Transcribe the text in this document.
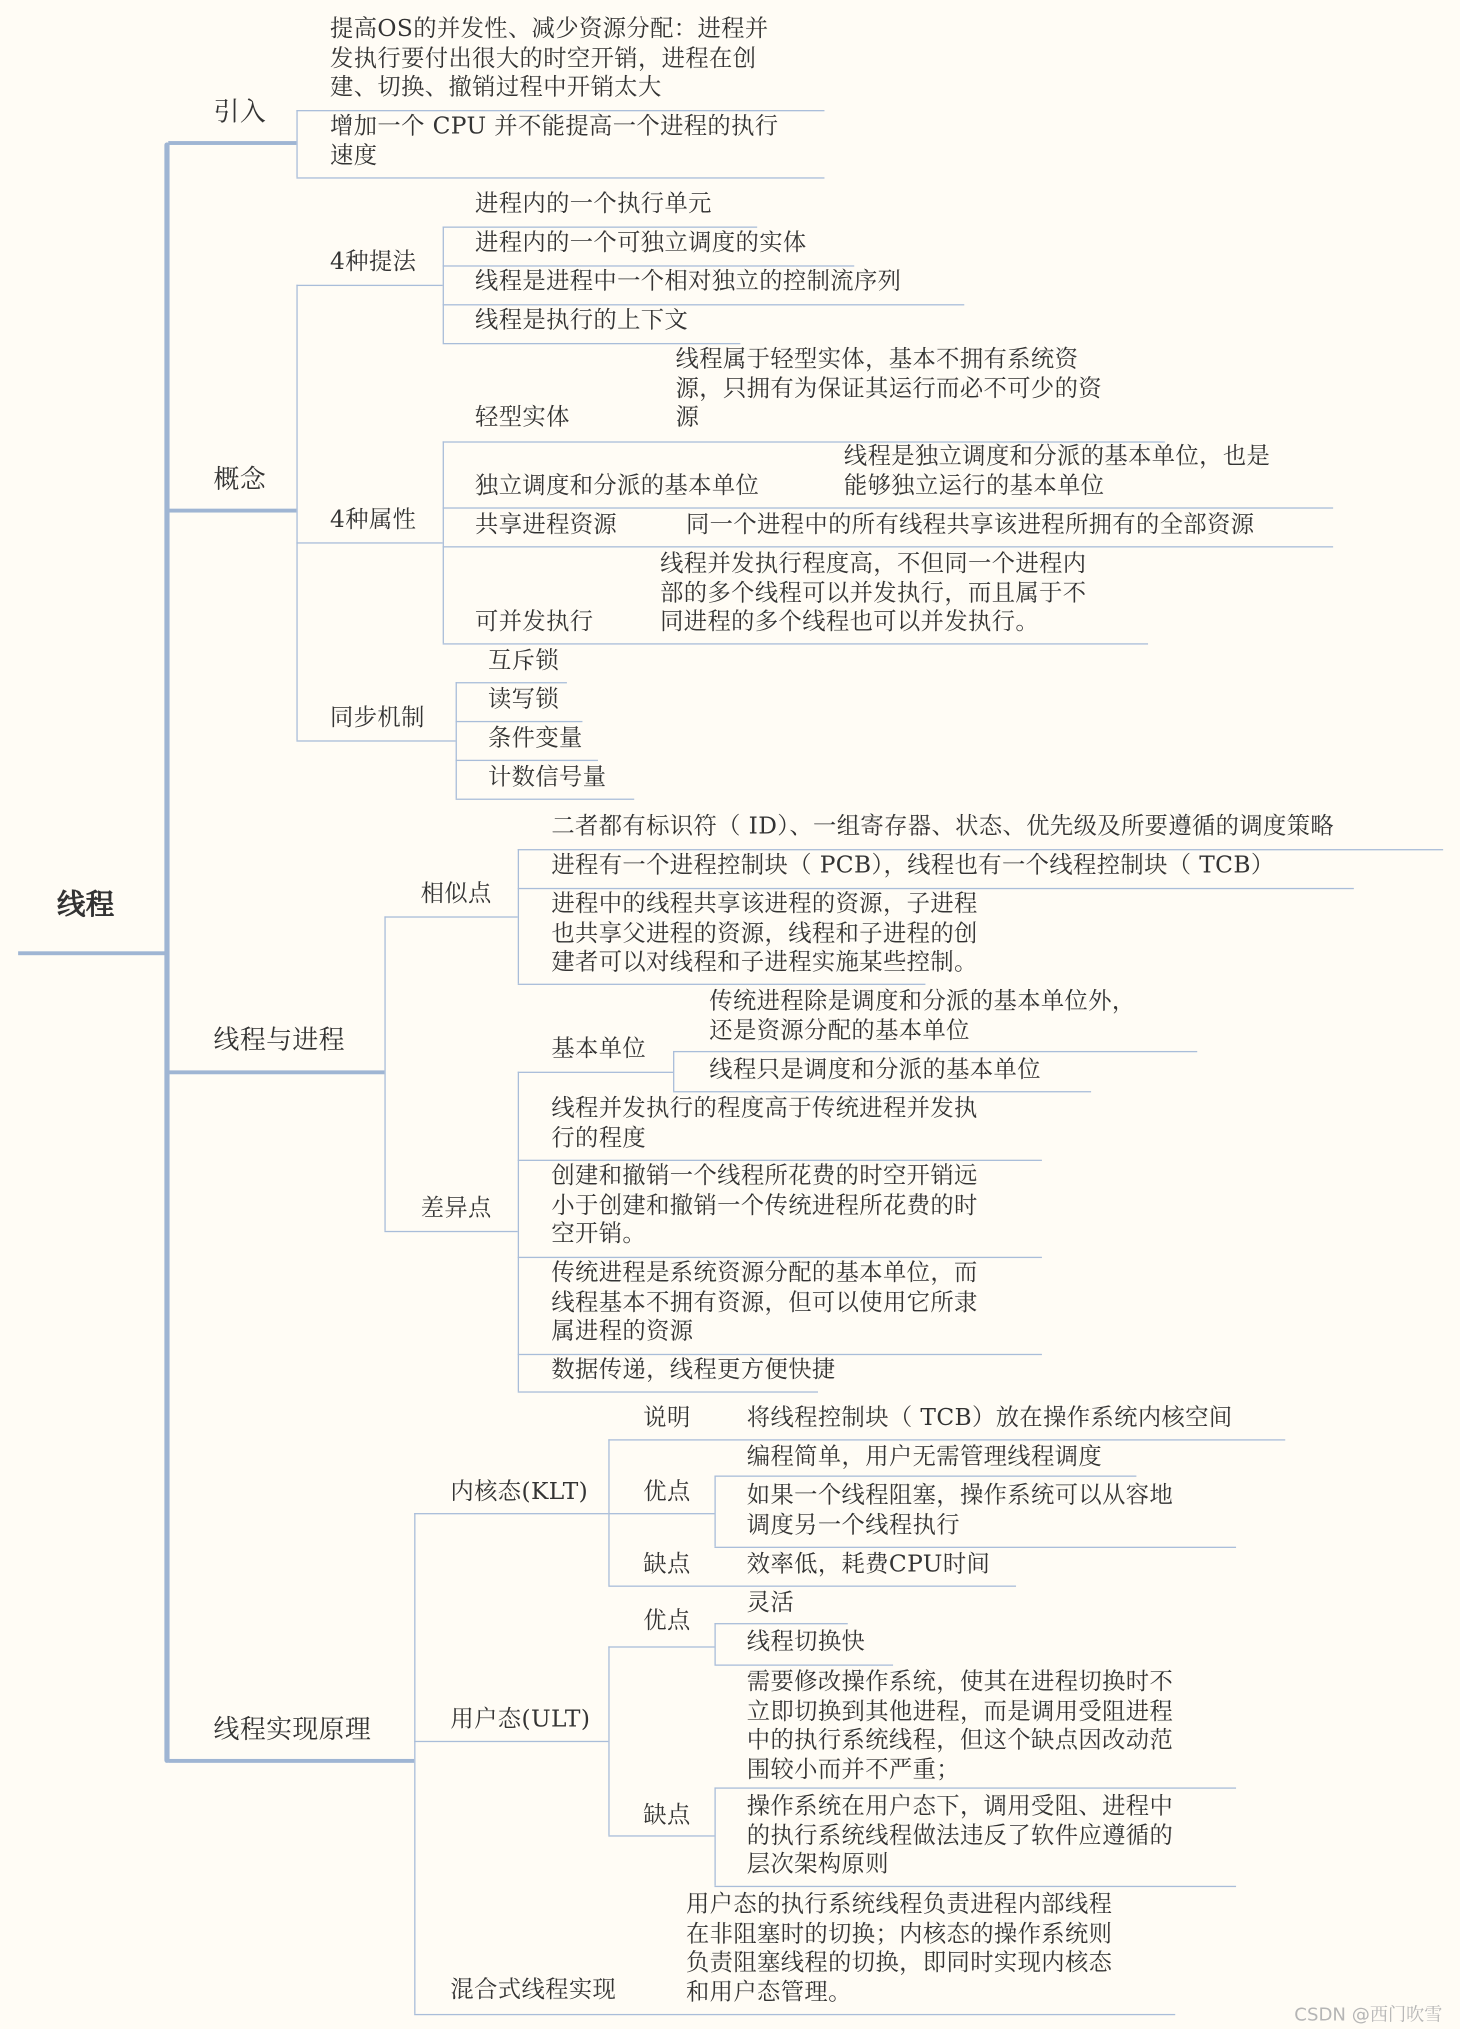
线程
引入
提高OS的并发性、减少资源分配：进程并
发执行要付出很大的时空开销，进程在创
建、切换、撤销过程中开销太大
增加一个 CPU 并不能提高一个进程的执行
速度
概念
4种提法
进程内的一个执行单元
进程内的一个可独立调度的实体
线程是进程中一个相对独立的控制流序列
线程是执行的上下文
4种属性
轻型实体
线程属于轻型实体，基本不拥有系统资
源，只拥有为保证其运行而必不可少的资
源
独立调度和分派的基本单位
线程是独立调度和分派的基本单位，也是
能够独立运行的基本单位
共享进程资源	同一个进程中的所有线程共享该进程所拥有的全部资源
可并发执行
线程并发执行程度高，不但同一个进程内
部的多个线程可以并发执行，而且属于不
同进程的多个线程也可以并发执行。
同步机制
互斥锁
读写锁
条件变量
计数信号量
线程与进程
相似点
二者都有标识符（ ID）、一组寄存器、状态、优先级及所要遵循的调度策略
进程有一个进程控制块（ PCB），线程也有一个线程控制块（ TCB）
进程中的线程共享该进程的资源，子进程
也共享父进程的资源，线程和子进程的创
建者可以对线程和子进程实施某些控制。
差异点
基本单位
传统进程除是调度和分派的基本单位外，
还是资源分配的基本单位
线程只是调度和分派的基本单位
线程并发执行的程度高于传统进程并发执
行的程度
创建和撤销一个线程所花费的时空开销远
小于创建和撤销一个传统进程所花费的时
空开销。
传统进程是系统资源分配的基本单位，而
线程基本不拥有资源，但可以使用它所隶
属进程的资源
数据传递，线程更方便快捷
线程实现原理
内核态(KLT)
说明	将线程控制块（ TCB）放在操作系统内核空间
优点
编程简单，用户无需管理线程调度
如果一个线程阻塞，操作系统可以从容地
调度另一个线程执行
缺点	效率低，耗费CPU时间
用户态(ULT)
优点
灵活
线程切换快
缺点
需要修改操作系统，使其在进程切换时不
立即切换到其他进程，而是调用受阻进程
中的执行系统线程，但这个缺点因改动范
围较小而并不严重；
操作系统在用户态下，调用受阻、进程中
的执行系统线程做法违反了软件应遵循的
层次架构原则
混合式线程实现
用户态的执行系统线程负责进程内部线程
在非阻塞时的切换；内核态的操作系统则
负责阻塞线程的切换，即同时实现内核态
和用户态管理。
CSDN @西门吹雪
